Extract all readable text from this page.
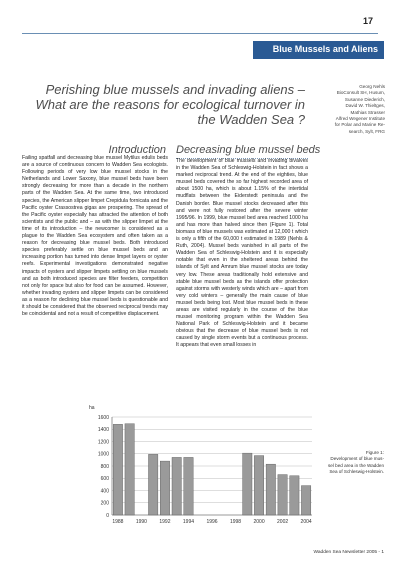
17
Blue Mussels and Aliens
Perishing blue mussels and invading aliens – What are the reasons for ecological turnover in the Wadden Sea ?
Georg Nehls
BioConsult SH, Husum,
Susanne Diederich,
David W. Thieltges,
Mathias Strasser
Alfred Wegener Institute
for Polar and Marine Re-
search, Sylt, FRG
Introduction Decreasing blue mussel beds
Failing spatfall and decreasing blue mussel Mytilus edulis beds are a source of continuous concern to Wadden Sea ecologists. Following periods of very low blue mussel stocks in the Netherlands and Lower Saxony, blue mussel beds have been strongly decreasing for more than a decade in the northern parts of the Wadden Sea. At the same time, two introduced species, the American slipper limpet Crepidula fornicata and the Pacific oyster Crassostrea gigas are prospering. The spread of the Pacific oyster especially has attracted the attention of both scientists and the public and – as with the slipper limpet at the time of its introduction – the newcomer is considered as a plague to the Wadden Sea ecosystem and often taken as a reason for decreasing blue mussel beds. Both introduced species preferably settle on blue mussel beds and an increasing portion has turned into dense limpet layers or oyster reefs. Experimental investigations demonstrated negative impacts of oysters and slipper limpets settling on blue mussels and as both introduced species are filter feeders, competition not only for space but also for food can be assumed. However, whether invading oysters and slipper limpets can be considered as a reason for declining blue mussel beds is questionable and it should be considered that the observed reciprocal trends may be coincidental and not a result of competitive displacement.
The development of blue mussels and invading bivalves in the Wadden Sea of Schleswig-Holstein in fact shows a marked reciprocal trend. At the end of the eighties, blue mussel beds covered the so far highest recorded area of about 1500 ha, which is about 1.15% of the intertidal mudflats between the Eiderstedt peninsula and the Danish border. Blue mussel stocks decreased after this and were not fully restored after the severe winter 1995/96. In 1999, blue mussel bed area reached 1000 ha and has more than halved since then (Figure 1). Total biomass of blue mussels was estimated at 12,000 t which is only a fifth of the 60,000 t estimated in 1989 (Nehls & Ruth, 2004). Mussel beds vanished in all parts of the Wadden Sea of Schleswig-Holstein and it is especially notable that even in the sheltered areas behind the islands of Sylt and Amrum blue mussel stocks are today very low. These areas traditionally hold extensive and stable blue mussel beds as the islands offer protection against storms with westerly winds which are – apart from very cold winters – generally the main cause of blue mussel beds being lost. Most blue mussel beds in these areas are visited regularly in the course of the blue mussel monitoring program within the Wadden Sea National Park of Schleswig-Holstein and it became obvious that the decrease of blue mussel beds is not caused by single storm events but a continuous process. It appears that even small losses in
ha
0
200
400
600
800
1000
1200
1400
1600
1988 1990 1992 1994 1996 1998 2000 2002 2004
Figure 1:
Development of blue mus-
sel bed area in the Wadden
Sea of Schleswig-Holstein.
Wadden Sea Newsletter 2005 - 1
